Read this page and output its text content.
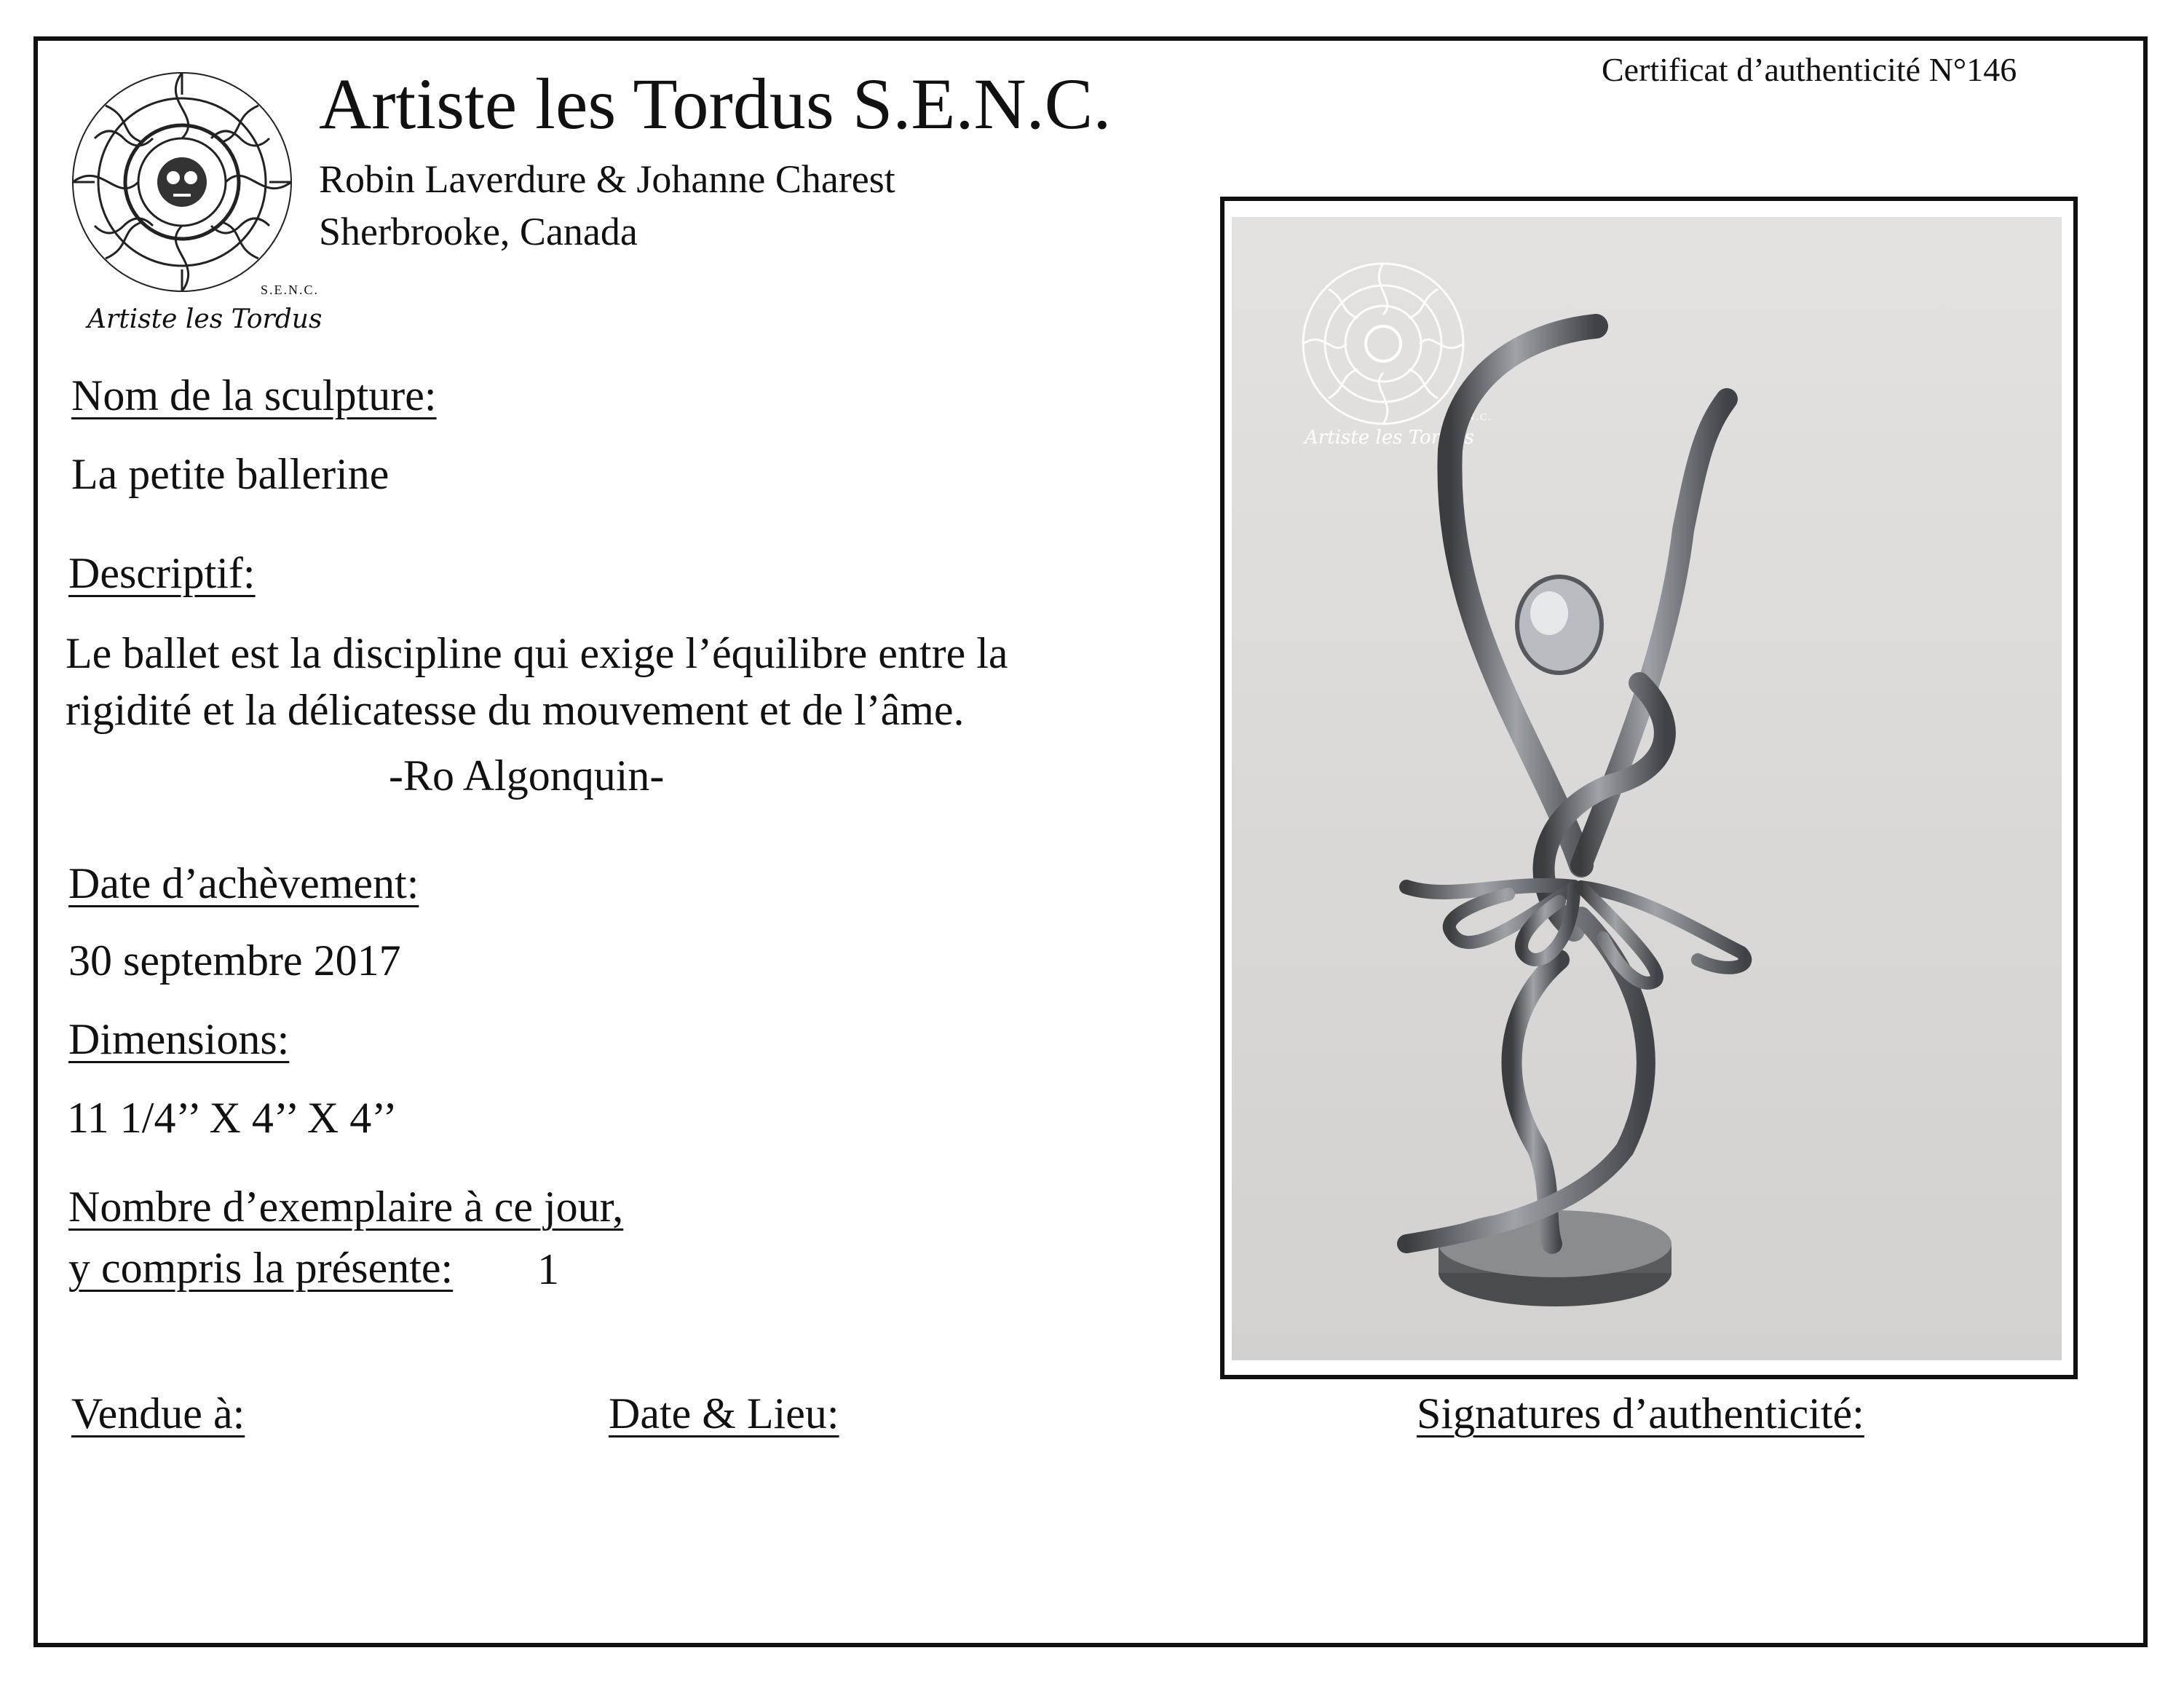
Artiste les Tordus
S.E.N.C.
Artiste les Tordus S.E.N.C.
Robin Laverdure & Johanne Charest
Sherbrooke, Canada
Certificat d’authenticité N°146
Nom de la sculpture:
La petite ballerine
Descriptif:
Le ballet est la discipline qui exige l’équilibre entre la
rigidité et la délicatesse du mouvement et de l’âme.
-Ro Algonquin-
Date d’achèvement:
30 septembre 2017
Dimensions:
11 1/4’’ X 4’’ X 4’’
Nombre d’exemplaire à ce jour,
y compris la présente: 1
Vendue à:	Date & Lieu:	Signatures d’authenticité:
Artiste les Tordus
S.E.N.C.
